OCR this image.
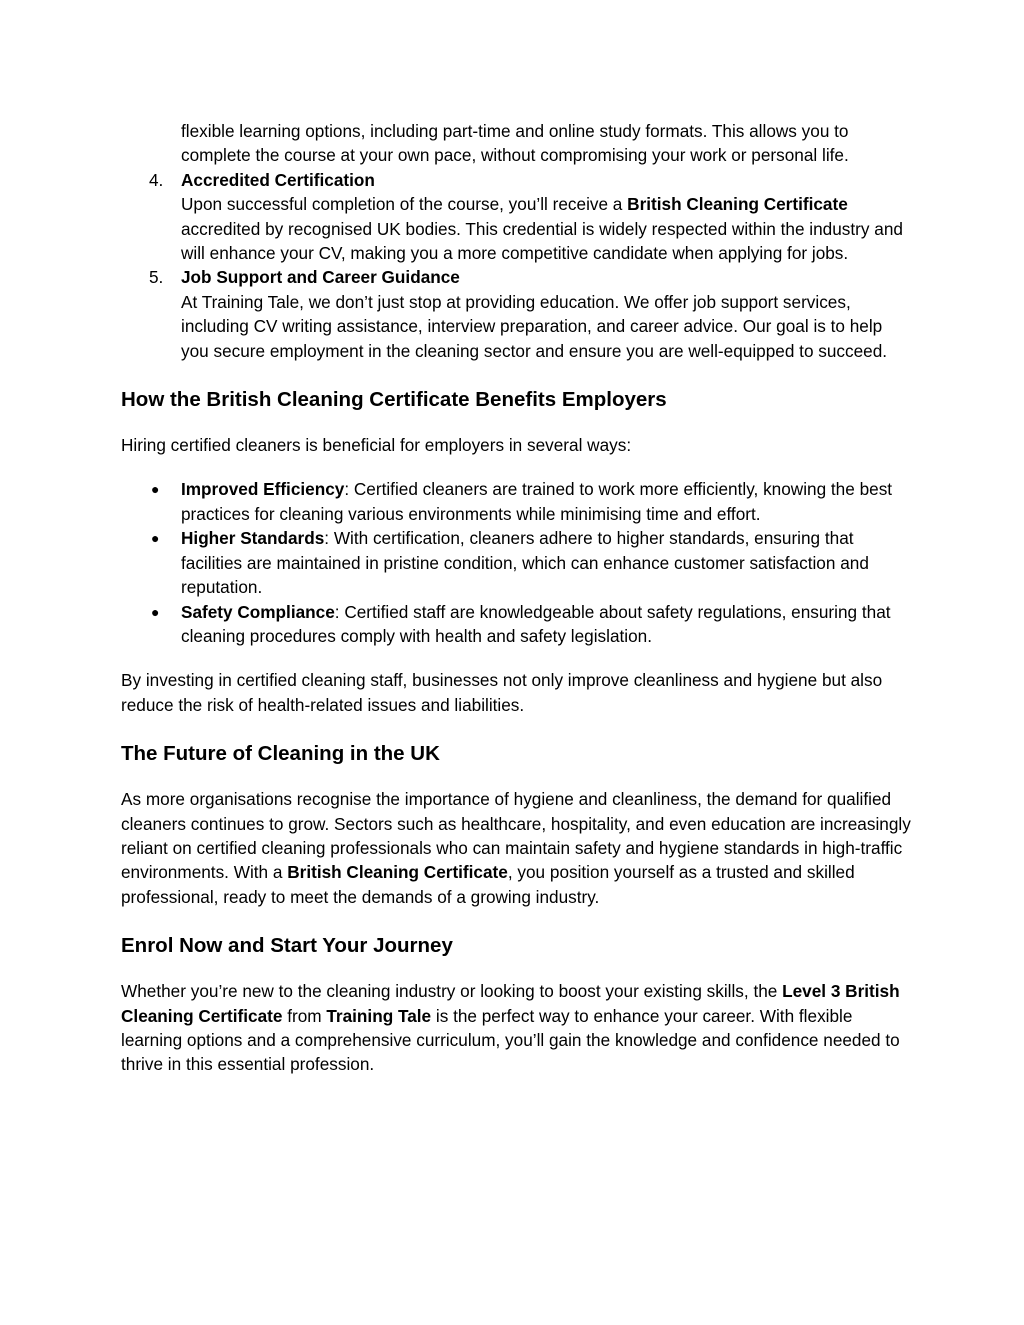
flexible learning options, including part-time and online study formats. This allows you to complete the course at your own pace, without compromising your work or personal life.

4. Accredited Certification

Upon successful completion of the course, you’ll receive a British Cleaning Certificate accredited by recognised UK bodies. This credential is widely respected within the industry and will enhance your CV, making you a more competitive candidate when applying for jobs.

5. Job Support and Career Guidance

At Training Tale, we don’t just stop at providing education. We offer job support services, including CV writing assistance, interview preparation, and career advice. Our goal is to help you secure employment in the cleaning sector and ensure you are well-equipped to succeed.

How the British Cleaning Certificate Benefits Employers

Hiring certified cleaners is beneficial for employers in several ways:

● Improved Efficiency: Certified cleaners are trained to work more efficiently, knowing the best practices for cleaning various environments while minimising time and effort.
● Higher Standards: With certification, cleaners adhere to higher standards, ensuring that facilities are maintained in pristine condition, which can enhance customer satisfaction and reputation.
● Safety Compliance: Certified staff are knowledgeable about safety regulations, ensuring that cleaning procedures comply with health and safety legislation.

By investing in certified cleaning staff, businesses not only improve cleanliness and hygiene but also reduce the risk of health-related issues and liabilities.

The Future of Cleaning in the UK

As more organisations recognise the importance of hygiene and cleanliness, the demand for qualified cleaners continues to grow. Sectors such as healthcare, hospitality, and even education are increasingly reliant on certified cleaning professionals who can maintain safety and hygiene standards in high-traffic environments. With a British Cleaning Certificate, you position yourself as a trusted and skilled professional, ready to meet the demands of a growing industry.

Enrol Now and Start Your Journey

Whether you’re new to the cleaning industry or looking to boost your existing skills, the Level 3 British Cleaning Certificate from Training Tale is the perfect way to enhance your career. With flexible learning options and a comprehensive curriculum, you’ll gain the knowledge and confidence needed to thrive in this essential profession.
